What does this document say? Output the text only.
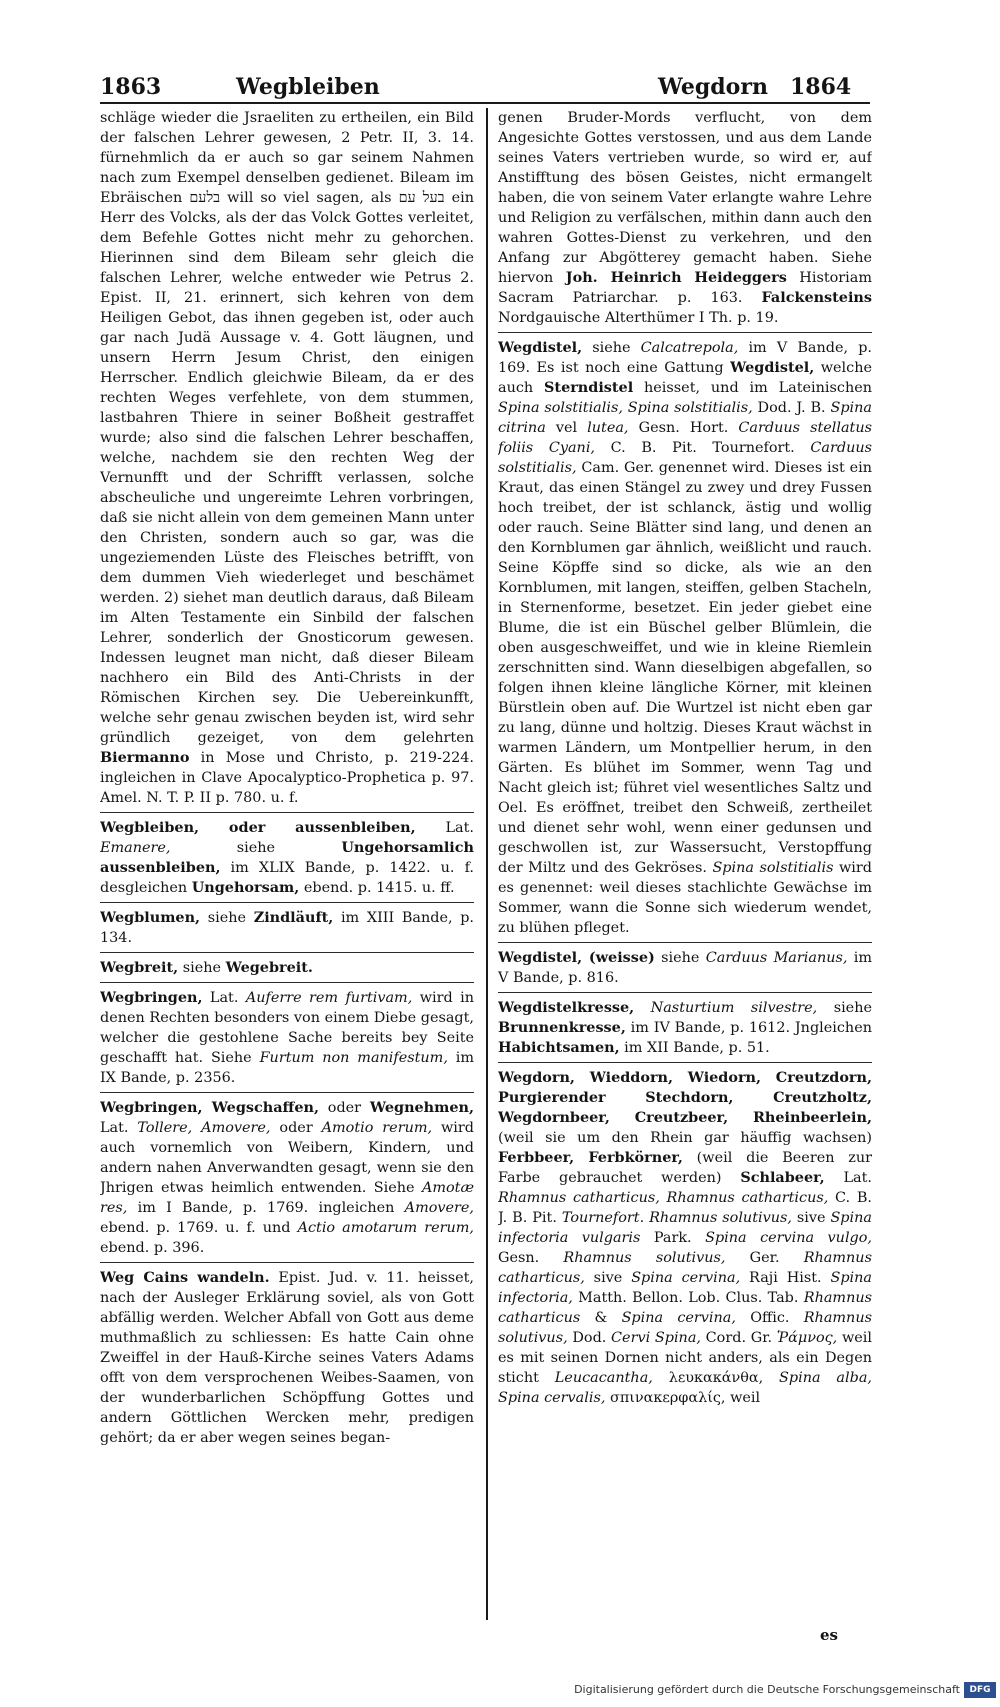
1863	Wegbleiben	Wegdorn 1864

schläge wieder die Jsraeliten zu ertheilen, ein Bild der falschen Lehrer gewesen, 2 Petr. II, 3. 14. fürnehmlich da er auch so gar seinem Nahmen nach zum Exempel denselben gedienet. Bileam im Ebräischen בלעם will so viel sagen, als בעל עם ein Herr des Volcks, als der das Volck Gottes verleitet, dem Befehle Gottes nicht mehr zu gehorchen. Hierinnen sind dem Bileam sehr gleich die falschen Lehrer, welche entweder wie Petrus 2. Epist. II, 21. erinnert, sich kehren von dem Heiligen Gebot, das ihnen gegeben ist, oder auch gar nach Judä Aussage v. 4. Gott läugnen, und unsern Herrn Jesum Christ, den einigen Herrscher. Endlich gleichwie Bileam, da er des rechten Weges verfehlete, von dem stummen, lastbahren Thiere in seiner Boßheit gestraffet wurde; also sind die falschen Lehrer beschaffen, welche, nachdem sie den rechten Weg der Vernunfft und der Schrifft verlassen, solche abscheuliche und ungereimte Lehren vorbringen, daß sie nicht allein von dem gemeinen Mann unter den Christen, sondern auch so gar, was die ungeziemenden Lüste des Fleisches betrifft, von dem dummen Vieh wiederleget und beschämet werden. 2) siehet man deutlich daraus, daß Bileam im Alten Testamente ein Sinbild der falschen Lehrer, sonderlich der Gnosticorum gewesen. Indessen leugnet man nicht, daß dieser Bileam nachhero ein Bild des Anti-Christs in der Römischen Kirchen sey. Die Uebereinkunfft, welche sehr genau zwischen beyden ist, wird sehr gründlich gezeiget, von dem gelehrten Biermanno in Mose und Christo, p. 219-224. ingleichen in Clave Apocalyptico-Prophetica p. 97. Amel. N. T. P. II p. 780. u. f.

Wegbleiben, oder aussenbleiben, Lat. Emanere, siehe Ungehorsamlich aussenbleiben, im XLIX Bande, p. 1422. u. f. desgleichen Ungehorsam, ebend. p. 1415. u. ff.

Wegblumen, siehe Zindläuft, im XIII Bande, p. 134.

Wegbreit, siehe Wegebreit.

Wegbringen, Lat. Auferre rem furtivam, wird in denen Rechten besonders von einem Diebe gesagt, welcher die gestohlene Sache bereits bey Seite geschafft hat. Siehe Furtum non manifestum, im IX Bande, p. 2356.

Wegbringen, Wegschaffen, oder Wegnehmen, Lat. Tollere, Amovere, oder Amotio rerum, wird auch vornemlich von Weibern, Kindern, und andern nahen Anverwandten gesagt, wenn sie den Jhrigen etwas heimlich entwenden. Siehe Amotæ res, im I Bande, p. 1769. ingleichen Amovere, ebend. p. 1769. u. f. und Actio amotarum rerum, ebend. p. 396.

Weg Cains wandeln. Epist. Jud. v. 11. heisset, nach der Ausleger Erklärung soviel, als von Gott abfällig werden. Welcher Abfall von Gott aus deme muthmaßlich zu schliessen: Es hatte Cain ohne Zweiffel in der Hauß-Kirche seines Vaters Adams offt von dem versprochenen Weibes-Saamen, von der wunderbarlichen Schöpffung Gottes und andern Göttlichen Wercken mehr, predigen gehört; da er aber wegen seines began-

genen Bruder-Mords verflucht, von dem Angesichte Gottes verstossen, und aus dem Lande seines Vaters vertrieben wurde, so wird er, auf Anstifftung des bösen Geistes, nicht ermangelt haben, die von seinem Vater erlangte wahre Lehre und Religion zu verfälschen, mithin dann auch den wahren Gottes-Dienst zu verkehren, und den Anfang zur Abgötterey gemacht haben. Siehe hiervon Joh. Heinrich Heideggers Historiam Sacram Patriarchar. p. 163. Falckensteins Nordgauische Alterthümer I Th. p. 19.

Wegdistel, siehe Calcatrepola, im V Bande, p. 169. Es ist noch eine Gattung Wegdistel, welche auch Sterndistel heisset, und im Lateinischen Spina solstitialis, Spina solstitialis, Dod. J. B. Spina citrina vel lutea, Gesn. Hort. Carduus stellatus foliis Cyani, C. B. Pit. Tournefort. Carduus solstitialis, Cam. Ger. genennet wird. Dieses ist ein Kraut, das einen Stängel zu zwey und drey Fussen hoch treibet, der ist schlanck, ästig und wollig oder rauch. Seine Blätter sind lang, und denen an den Kornblumen gar ähnlich, weißlicht und rauch. Seine Köpffe sind so dicke, als wie an den Kornblumen, mit langen, steiffen, gelben Stacheln, in Sternenforme, besetzet. Ein jeder giebet eine Blume, die ist ein Büschel gelber Blümlein, die oben ausgeschweiffet, und wie in kleine Riemlein zerschnitten sind. Wann dieselbigen abgefallen, so folgen ihnen kleine längliche Körner, mit kleinen Bürstlein oben auf. Die Wurtzel ist nicht eben gar zu lang, dünne und holtzig. Dieses Kraut wächst in warmen Ländern, um Montpellier herum, in den Gärten. Es blühet im Sommer, wenn Tag und Nacht gleich ist; führet viel wesentliches Saltz und Oel. Es eröffnet, treibet den Schweiß, zertheilet und dienet sehr wohl, wenn einer gedunsen und geschwollen ist, zur Wassersucht, Verstopffung der Miltz und des Gekröses. Spina solstitialis wird es genennet: weil dieses stachlichte Gewächse im Sommer, wann die Sonne sich wiederum wendet, zu blühen pfleget.

Wegdistel, (weisse) siehe Carduus Marianus, im V Bande, p. 816.

Wegdistelkresse, Nasturtium silvestre, siehe Brunnenkresse, im IV Bande, p. 1612. Jngleichen Habichtsamen, im XII Bande, p. 51.

Wegdorn, Wieddorn, Wiedorn, Creutzdorn, Purgierender Stechdorn, Creutzholtz, Wegdornbeer, Creutzbeer, Rheinbeerlein, (weil sie um den Rhein gar häuffig wachsen) Ferbbeer, Ferbkörner, (weil die Beeren zur Farbe gebrauchet werden) Schlabeer, Lat. Rhamnus catharticus, Rhamnus catharticus, C. B. J. B. Pit. Tournefort. Rhamnus solutivus, sive Spina infectoria vulgaris Park. Spina cervina vulgo, Gesn. Rhamnus solutivus, Ger. Rhamnus catharticus, sive Spina cervina, Raji Hist. Spina infectoria, Matth. Bellon. Lob. Clus. Tab. Rhamnus catharticus & Spina cervina, Offic. Rhamnus solutivus, Dod. Cervi Spina, Cord. Gr. Ῥάμνος, weil es mit seinen Dornen nicht anders, als ein Degen sticht Leucacantha, λευκακάνθα, Spina alba, Spina cervalis, σπινακερφαλίς, weil

es
Digitalisierung gefördert durch die Deutsche Forschungsgemeinschaft	DFG
